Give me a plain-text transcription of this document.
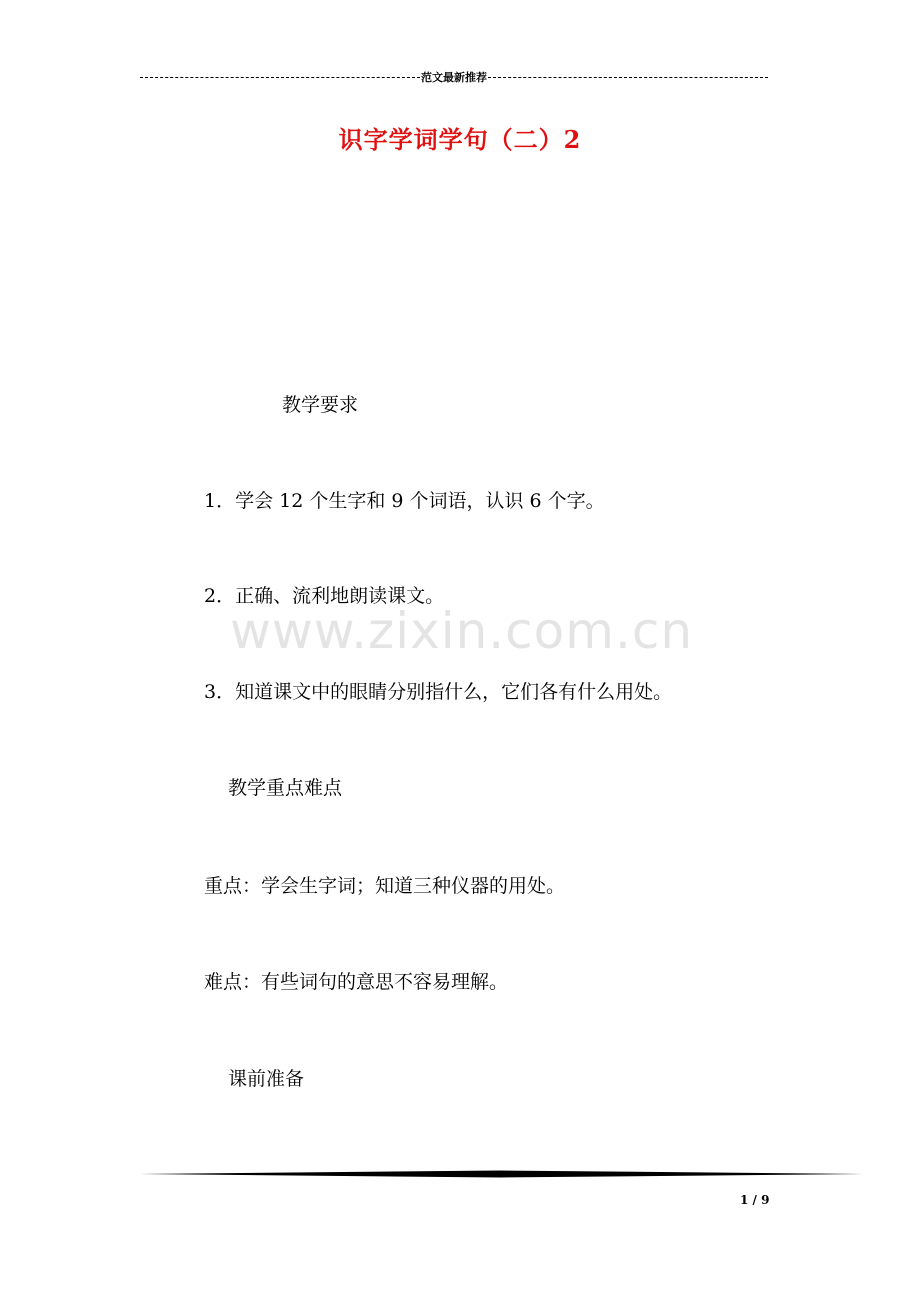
范文最新推荐
识字学词学句（二）2
www.zixin.com.cn
教学要求
1．学会 12 个生字和 9 个词语，认识 6 个字。
2．正确、流利地朗读课文。
3．知道课文中的眼睛分别指什么，它们各有什么用处。
教学重点难点
重点：学会生字词；知道三种仪器的用处。
难点：有些词句的意思不容易理解。
课前准备
1 / 9
